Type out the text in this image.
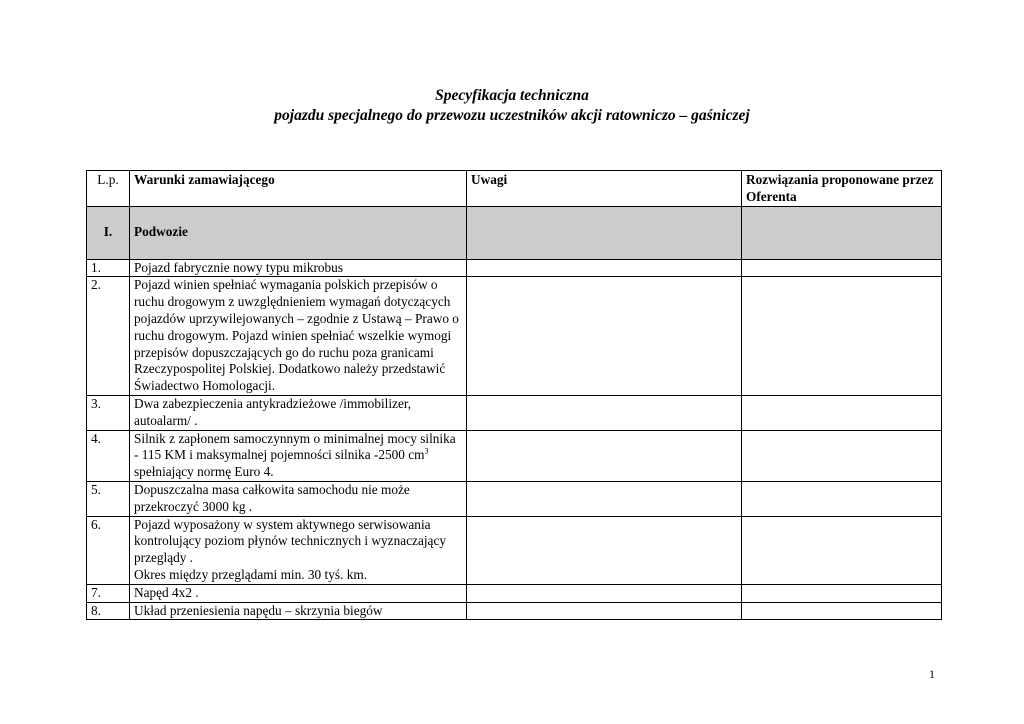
Specyfikacja techniczna
pojazdu specjalnego do przewozu uczestników akcji ratowniczo – gaśniczej
L.p.	Warunki zamawiającego	Uwagi	Rozwiązania proponowane przez Oferenta
I.	Podwozie		
1.	Pojazd fabrycznie nowy typu mikrobus		
2.	Pojazd winien spełniać wymagania polskich przepisów o ruchu drogowym z uwzględnieniem wymagań dotyczących pojazdów uprzywilejowanych – zgodnie z Ustawą – Prawo o ruchu drogowym. Pojazd winien spełniać wszelkie wymogi przepisów dopuszczających go do ruchu poza granicami Rzeczypospolitej Polskiej. Dodatkowo należy przedstawić Świadectwo Homologacji.		
3.	Dwa zabezpieczenia antykradzieżowe /immobilizer, autoalarm/ .		
4.	Silnik z zapłonem samoczynnym o minimalnej mocy silnika - 115 KM i maksymalnej pojemności silnika -2500 $cm^3$ spełniający normę Euro 4.		
5.	Dopuszczalna masa całkowita samochodu nie może przekroczyć 3000 kg .		
6.	Pojazd wyposażony w system aktywnego serwisowania kontrolujący poziom płynów technicznych i wyznaczający przeglądy .
Okres między przeglądami min. 30 tyś. km.		
7.	Napęd 4x2 .		
8.	Układ przeniesienia napędu – skrzynia biegów		
1
